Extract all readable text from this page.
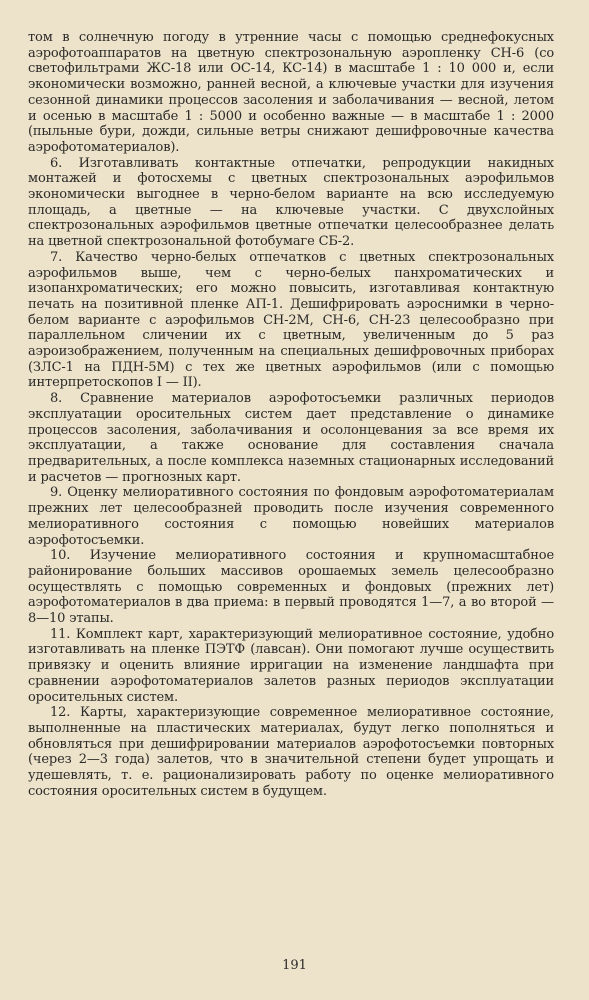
том в солнечную погоду в утренние часы с помощью среднефокусных аэрофотоаппаратов на цветную спектрозональную аэропленку СН-6 (со светофильтрами ЖС-18 или ОС-14, КС-14) в масштабе 1 : 10 000 и, если экономически возможно, ранней весной, а ключевые участки для изучения сезонной динамики процессов засоления и заболачивания — весной, летом и осенью в масштабе 1 : 5000 и особенно важные — в масштабе 1 : 2000 (пыльные бури, дожди, сильные ветры снижают дешифровочные качества аэрофотоматериалов).

6. Изготавливать контактные отпечатки, репродукции накидных монтажей и фотосхемы с цветных спектрозональных аэрофильмов экономически выгоднее в черно-белом варианте на всю исследуемую площадь, а цветные — на ключевые участки. С двухслойных спектрозональных аэрофильмов цветные отпечатки целесообразнее делать на цветной спектрозональной фотобумаге СБ-2.

7. Качество черно-белых отпечатков с цветных спектрозональных аэрофильмов выше, чем с черно-белых панхроматических и изопанхроматических; его можно повысить, изготавливая контактную печать на позитивной пленке АП-1. Дешифрировать аэроснимки в черно-белом варианте с аэрофильмов СН-2М, СН-6, СН-23 целесообразно при параллельном сличении их с цветным, увеличенным до 5 раз аэроизображением, полученным на специальных дешифровочных приборах (ЗЛС-1 на ПДН-5М) с тех же цветных аэрофильмов (или с помощью интерпретоскопов I — II).

8. Сравнение материалов аэрофотосъемки различных периодов эксплуатации оросительных систем дает представление о динамике процессов засоления, заболачивания и осолонцевания за все время их эксплуатации, а также основание для составления сначала предварительных, а после комплекса наземных стационарных исследований и расчетов — прогнозных карт.

9. Оценку мелиоративного состояния по фондовым аэрофотоматериалам прежних лет целесообразней проводить после изучения современного мелиоративного состояния с помощью новейших материалов аэрофотосъемки.

10. Изучение мелиоративного состояния и крупномасштабное районирование больших массивов орошаемых земель целесообразно осуществлять с помощью современных и фондовых (прежних лет) аэрофотоматериалов в два приема: в первый проводятся 1—7, а во второй — 8—10 этапы.

11. Комплект карт, характеризующий мелиоративное состояние, удобно изготавливать на пленке ПЭТФ (лавсан). Они помогают лучше осуществить привязку и оценить влияние ирригации на изменение ландшафта при сравнении аэрофотоматериалов залетов разных периодов эксплуатации оросительных систем.

12. Карты, характеризующие современное мелиоративное состояние, выполненные на пластических материалах, будут легко пополняться и обновляться при дешифрировании материалов аэрофотосъемки повторных (через 2—3 года) залетов, что в значительной степени будет упрощать и удешевлять, т. е. рационализировать работу по оценке мелиоративного состояния оросительных систем в будущем.

191
